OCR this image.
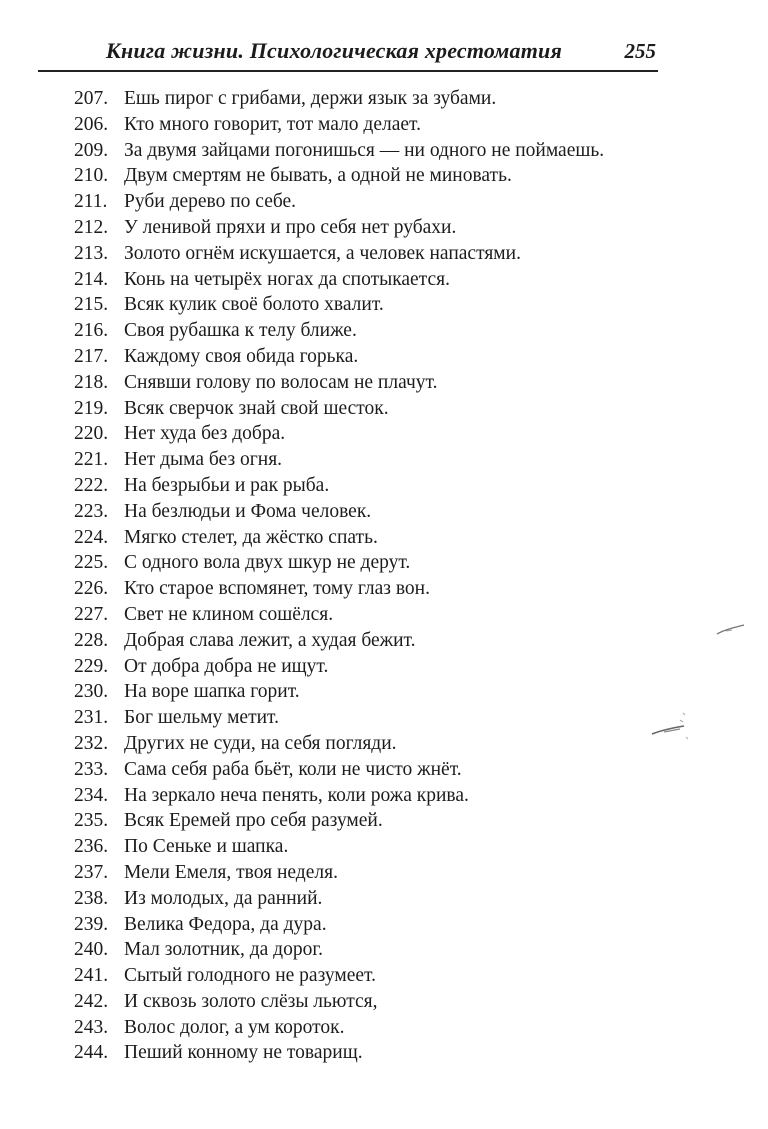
Книга жизни. Психологическая хрестоматия	255
207. Ешь пирог с грибами, держи язык за зубами.
206. Кто много говорит, тот мало делает.
209. За двумя зайцами погонишься — ни одного не поймаешь.
210. Двум смертям не бывать, а одной не миновать.
211. Руби дерево по себе.
212. У ленивой пряхи и про себя нет рубахи.
213. Золото огнём искушается, а человек напастями.
214. Конь на четырёх ногах да спотыкается.
215. Всяк кулик своё болото хвалит.
216. Своя рубашка к телу ближе.
217. Каждому своя обида горька.
218. Снявши голову по волосам не плачут.
219. Всяк сверчок знай свой шесток.
220. Нет худа без добра.
221. Нет дыма без огня.
222. На безрыбьи и рак рыба.
223. На безлюдьи и Фома человек.
224. Мягко стелет, да жёстко спать.
225. С одного вола двух шкур не дерут.
226. Кто старое вспомянет, тому глаз вон.
227. Свет не клином сошёлся.
228. Добрая слава лежит, а худая бежит.
229. От добра добра не ищут.
230. На воре шапка горит.
231. Бог шельму метит.
232. Других не суди, на себя погляди.
233. Сама себя раба бьёт, коли не чисто жнёт.
234. На зеркало неча пенять, коли рожа крива.
235. Всяк Еремей про себя разумей.
236. По Сеньке и шапка.
237. Мели Емеля, твоя неделя.
238. Из молодых, да ранний.
239. Велика Федора, да дура.
240. Мал золотник, да дорог.
241. Сытый голодного не разумеет.
242. И сквозь золото слёзы льются,
243. Волос долог, а ум короток.
244. Пеший конному не товарищ.
